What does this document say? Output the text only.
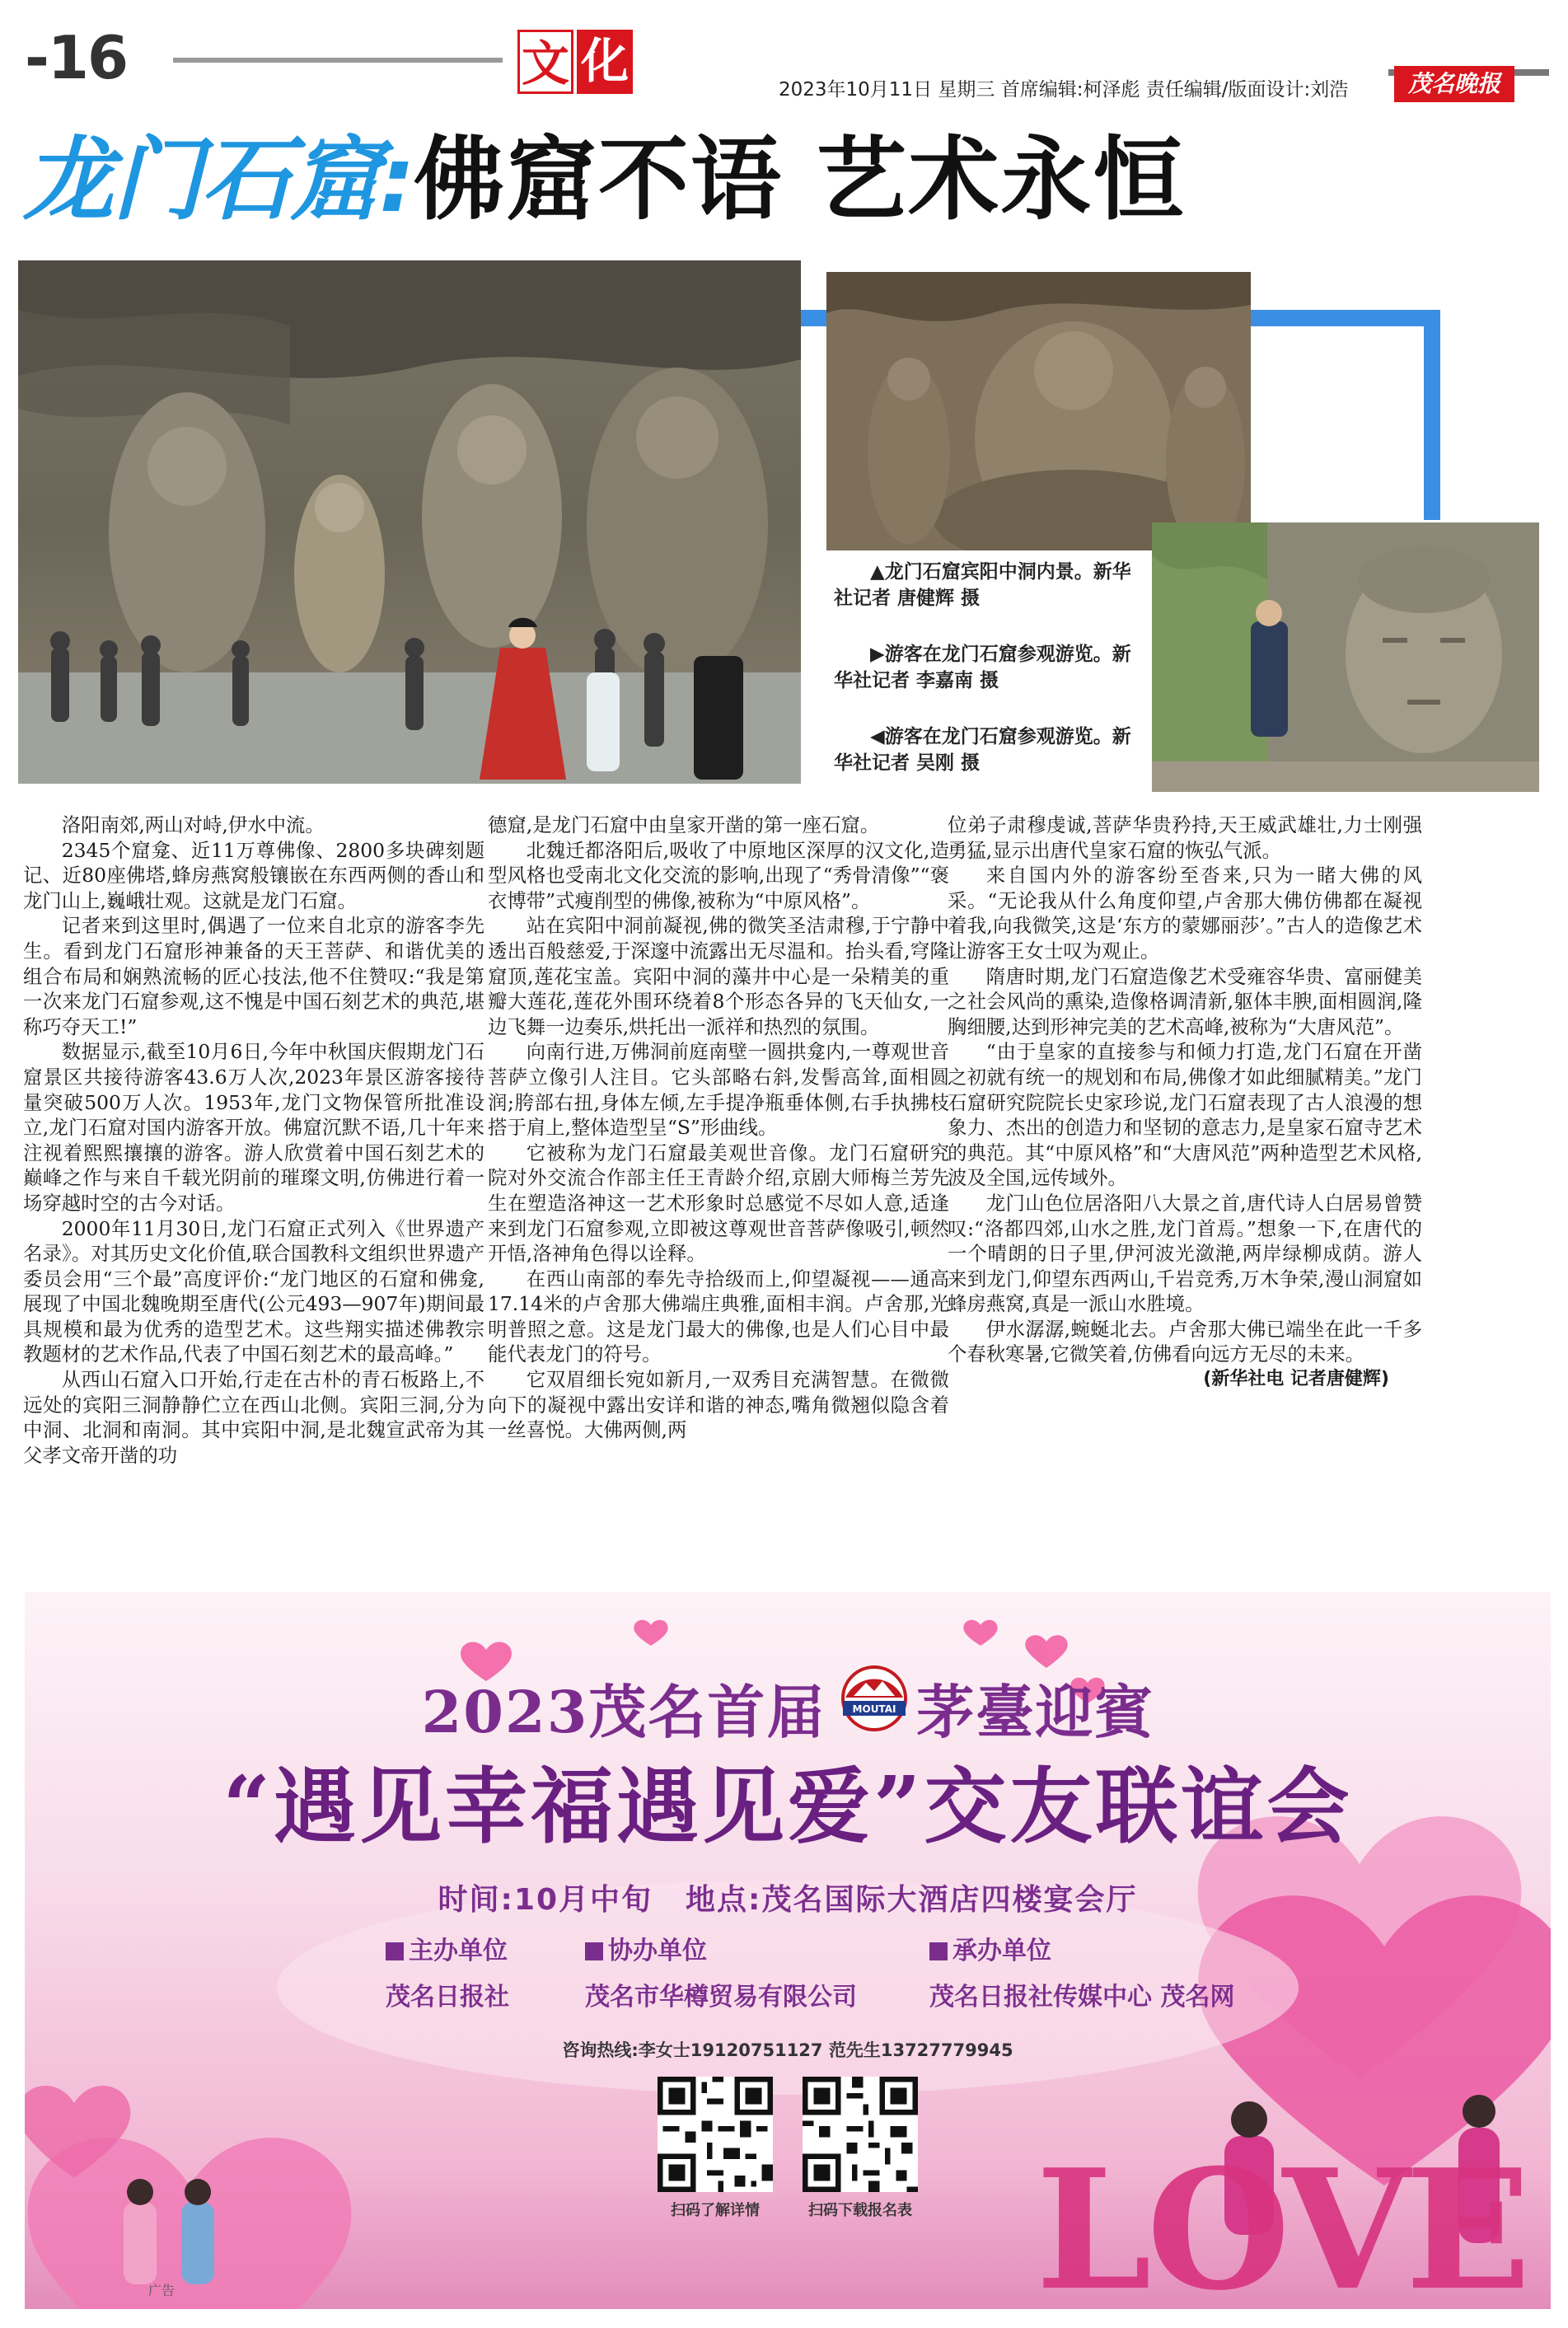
-16	文 化
2023年10月11日 星期三 首席编辑:柯泽彪 责任编辑/版面设计:刘浩	茂名晚报
龙门石窟:佛窟不语 艺术永恒

▲龙门石窟宾阳中洞内景。新华社记者 唐健辉 摄

▶游客在龙门石窟参观游览。新华社记者 李嘉南 摄

◀游客在龙门石窟参观游览。新华社记者 吴刚 摄

洛阳南郊,两山对峙,伊水中流。

2345个窟龛、近11万尊佛像、2800多块碑刻题记、近80座佛塔,蜂房燕窝般镶嵌在东西两侧的香山和龙门山上,巍峨壮观。这就是龙门石窟。

记者来到这里时,偶遇了一位来自北京的游客李先生。看到龙门石窟形神兼备的天王菩萨、和谐优美的组合布局和娴熟流畅的匠心技法,他不住赞叹:“我是第一次来龙门石窟参观,这不愧是中国石刻艺术的典范,堪称巧夺天工!”

数据显示,截至10月6日,今年中秋国庆假期龙门石窟景区共接待游客43.6万人次,2023年景区游客接待量突破500万人次。1953年,龙门文物保管所批准设立,龙门石窟对国内游客开放。佛窟沉默不语,几十年来注视着熙熙攘攘的游客。游人欣赏着中国石刻艺术的巅峰之作与来自千载光阴前的璀璨文明,仿佛进行着一场穿越时空的古今对话。

2000年11月30日,龙门石窟正式列入《世界遗产名录》。对其历史文化价值,联合国教科文组织世界遗产委员会用“三个最”高度评价:“龙门地区的石窟和佛龛,展现了中国北魏晚期至唐代(公元493—907年)期间最具规模和最为优秀的造型艺术。这些翔实描述佛教宗教题材的艺术作品,代表了中国石刻艺术的最高峰。”

从西山石窟入口开始,行走在古朴的青石板路上,不远处的宾阳三洞静静伫立在西山北侧。宾阳三洞,分为中洞、北洞和南洞。其中宾阳中洞,是北魏宣武帝为其父孝文帝开凿的功

德窟,是龙门石窟中由皇家开凿的第一座石窟。

北魏迁都洛阳后,吸收了中原地区深厚的汉文化,造型风格也受南北文化交流的影响,出现了“秀骨清像”“褒衣博带”式瘦削型的佛像,被称为“中原风格”。

站在宾阳中洞前凝视,佛的微笑圣洁肃穆,于宁静中透出百般慈爱,于深邃中流露出无尽温和。抬头看,穹隆窟顶,莲花宝盖。宾阳中洞的藻井中心是一朵精美的重瓣大莲花,莲花外围环绕着8个形态各异的飞天仙女,一边飞舞一边奏乐,烘托出一派祥和热烈的氛围。

向南行进,万佛洞前庭南壁一圆拱龛内,一尊观世音菩萨立像引人注目。它头部略右斜,发髻高耸,面相圆润;胯部右扭,身体左倾,左手提净瓶垂体侧,右手执拂枝搭于肩上,整体造型呈“S”形曲线。

它被称为龙门石窟最美观世音像。龙门石窟研究院对外交流合作部主任王青龄介绍,京剧大师梅兰芳先生在塑造洛神这一艺术形象时总感觉不尽如人意,适逢来到龙门石窟参观,立即被这尊观世音菩萨像吸引,顿然开悟,洛神角色得以诠释。

在西山南部的奉先寺拾级而上,仰望凝视——通高17.14米的卢舍那大佛端庄典雅,面相丰润。卢舍那,光明普照之意。这是龙门最大的佛像,也是人们心目中最能代表龙门的符号。

它双眉细长宛如新月,一双秀目充满智慧。在微微向下的凝视中露出安详和谐的神态,嘴角微翘似隐含着一丝喜悦。大佛两侧,两

位弟子肃穆虔诚,菩萨华贵矜持,天王威武雄壮,力士刚强勇猛,显示出唐代皇家石窟的恢弘气派。

来自国内外的游客纷至沓来,只为一睹大佛的风采。“无论我从什么角度仰望,卢舍那大佛仿佛都在凝视着我,向我微笑,这是‘东方的蒙娜丽莎’。”古人的造像艺术让游客王女士叹为观止。

隋唐时期,龙门石窟造像艺术受雍容华贵、富丽健美之社会风尚的熏染,造像格调清新,躯体丰腴,面相圆润,隆胸细腰,达到形神完美的艺术高峰,被称为“大唐风范”。

“由于皇家的直接参与和倾力打造,龙门石窟在开凿之初就有统一的规划和布局,佛像才如此细腻精美。”龙门石窟研究院院长史家珍说,龙门石窟表现了古人浪漫的想象力、杰出的创造力和坚韧的意志力,是皇家石窟寺艺术的典范。其“中原风格”和“大唐风范”两种造型艺术风格,波及全国,远传域外。

龙门山色位居洛阳八大景之首,唐代诗人白居易曾赞叹:“洛都四郊,山水之胜,龙门首焉。”想象一下,在唐代的一个晴朗的日子里,伊河波光潋滟,两岸绿柳成荫。游人来到龙门,仰望东西两山,千岩竞秀,万木争荣,漫山洞窟如蜂房燕窝,真是一派山水胜境。

伊水潺潺,蜿蜒北去。卢舍那大佛已端坐在此一千多个春秋寒暑,它微笑着,仿佛看向远方无尽的未来。

(新华社电 记者唐健辉)

2023茂名首届 茅臺迎賓
MOUTAI
“遇见幸福遇见爱”交友联谊会
时间:10月中旬 地点:茂名国际大酒店四楼宴会厅
主办单位
茂名日报社
协办单位
茂名市华樽贸易有限公司
承办单位
茂名日报社传媒中心 茂名网
咨询热线:李女士19120751127 范先生13727779945
扫码了解详情	扫码下载报名表 LOVE
广告
